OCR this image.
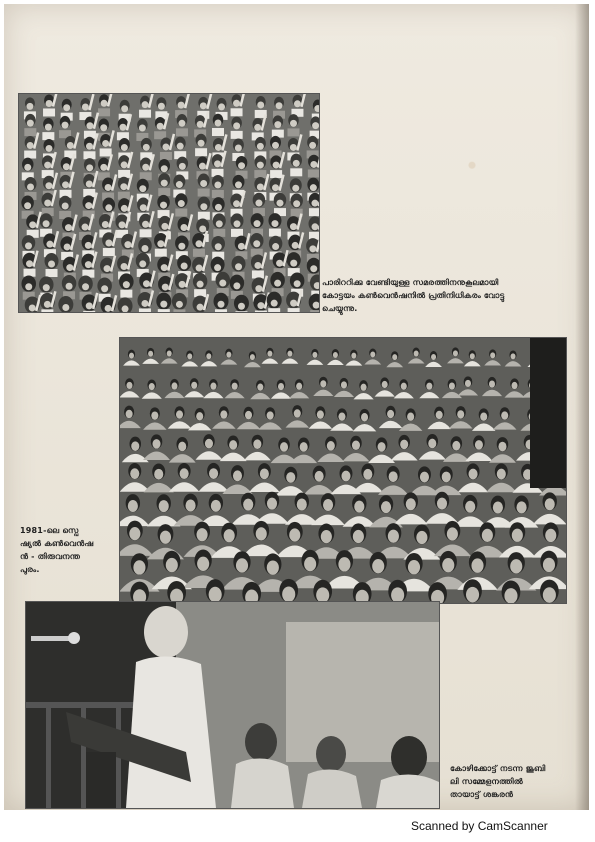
പാരിററിക്കു വേണ്ടിയുള്ള സമരത്തിനനുകൂലമായി
കോട്ടയം കൺവെൻഷനിൽ പ്രതിനിധികരം വോട്ടു
ചെയ്യുന്നു.
1981-ലെ സ്പെ
ഷ്യൽ കൺവെൻഷ
ൻ - തിരുവനന്ത
പുരം.
കോഴിക്കോട്ട് നടന്ന ജൂബി
ലി സമ്മേളനത്തിൽ
തായാട്ട് ശങ്കരൻ
Scanned by CamScanner
